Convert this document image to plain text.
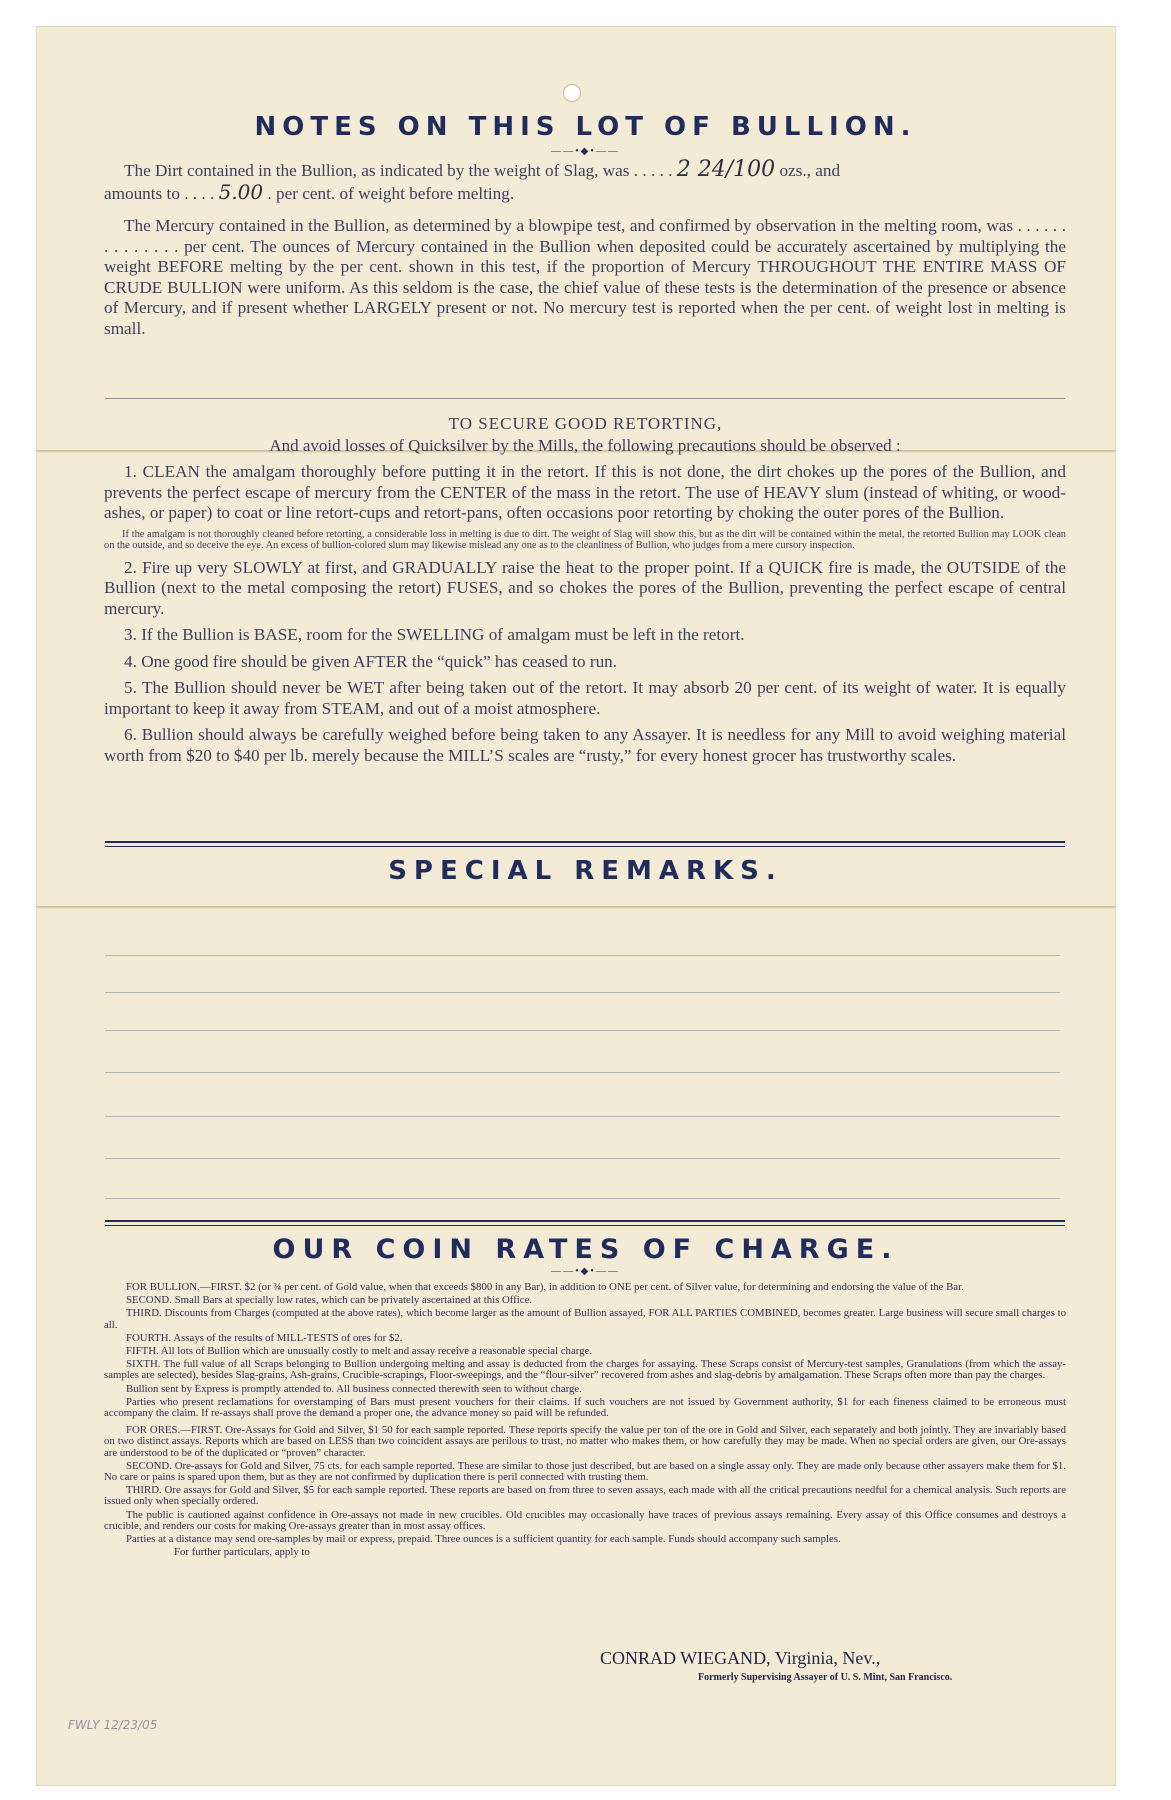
NOTES ON THIS LOT OF BULLION.
——•◆•——
The Dirt contained in the Bullion, as indicated by the weight of Slag, was . . . . . 2 24/100 ozs., and
amounts to . . . . 5.00 . per cent. of weight before melting.

The Mercury contained in the Bullion, as determined by a blowpipe test, and confirmed by observation in the melting room, was . . . . . . . . . . . . . . per cent. The ounces of Mercury contained in the Bullion when deposited could be accurately ascertained by multiplying the weight BEFORE melting by the per cent. shown in this test, if the proportion of Mercury THROUGHOUT THE ENTIRE MASS OF CRUDE BULLION were uniform. As this seldom is the case, the chief value of these tests is the determination of the presence or absence of Mercury, and if present whether LARGELY present or not. No mercury test is reported when the per cent. of weight lost in melting is small.

TO SECURE GOOD RETORTING,
And avoid losses of Quicksilver by the Mills, the following precautions should be observed :

1. CLEAN the amalgam thoroughly before putting it in the retort. If this is not done, the dirt chokes up the pores of the Bullion, and prevents the perfect escape of mercury from the CENTER of the mass in the retort. The use of HEAVY slum (instead of whiting, or wood-ashes, or paper) to coat or line retort-cups and retort-pans, often occasions poor retorting by choking the outer pores of the Bullion.

If the amalgam is not thoroughly cleaned before retorting, a considerable loss in melting is due to dirt. The weight of Slag will show this, but as the dirt will be contained within the metal, the retorted Bullion may LOOK clean on the outside, and so deceive the eye. An excess of bullion-colored slum may likewise mislead any one as to the cleanliness of Bullion, who judges from a mere cursory inspection.

2. Fire up very SLOWLY at first, and GRADUALLY raise the heat to the proper point. If a QUICK fire is made, the OUTSIDE of the Bullion (next to the metal composing the retort) FUSES, and so chokes the pores of the Bullion, preventing the perfect escape of central mercury.

3. If the Bullion is BASE, room for the SWELLING of amalgam must be left in the retort.

4. One good fire should be given AFTER the “quick” has ceased to run.

5. The Bullion should never be WET after being taken out of the retort. It may absorb 20 per cent. of its weight of water. It is equally important to keep it away from STEAM, and out of a moist atmosphere.

6. Bullion should always be carefully weighed before being taken to any Assayer. It is needless for any Mill to avoid weighing material worth from $20 to $40 per lb. merely because the MILL’S scales are “rusty,” for every honest grocer has trustworthy scales.

SPECIAL REMARKS.
OUR COIN RATES OF CHARGE.
——•◆•——

FOR BULLION.—FIRST. $2 (or ¾ per cent. of Gold value, when that exceeds $800 in any Bar), in addition to ONE per cent. of Silver value, for determining and endorsing the value of the Bar.

SECOND. Small Bars at specially low rates, which can be privately ascertained at this Office.

THIRD. Discounts from Charges (computed at the above rates), which become larger as the amount of Bullion assayed, FOR ALL PARTIES COMBINED, becomes greater. Large business will secure small charges to all.

FOURTH. Assays of the results of MILL-TESTS of ores for $2.

FIFTH. All lots of Bullion which are unusually costly to melt and assay receive a reasonable special charge.

SIXTH. The full value of all Scraps belonging to Bullion undergoing melting and assay is deducted from the charges for assaying. These Scraps consist of Mercury-test samples, Granulations (from which the assay-samples are selected), besides Slag-grains, Ash-grains, Crucible-scrapings, Floor-sweepings, and the “flour-silver” recovered from ashes and slag-debris by amalgamation. These Scraps often more than pay the charges.

Bullion sent by Express is promptly attended to. All business connected therewith seen to without charge.

Parties who present reclamations for overstamping of Bars must present vouchers for their claims. If such vouchers are not issued by Government authority, $1 for each fineness claimed to be erroneous must accompany the claim. If re-assays shall prove the demand a proper one, the advance money so paid will be refunded.

FOR ORES.—FIRST. Ore-Assays for Gold and Silver, $1 50 for each sample reported. These reports specify the value per ton of the ore in Gold and Silver, each separately and both jointly. They are invariably based on two distinct assays. Reports which are based on LESS than two coincident assays are perilous to trust, no matter who makes them, or how carefully they may be made. When no special orders are given, our Ore-assays are understood to be of the duplicated or “proven” character.

SECOND. Ore-assays for Gold and Silver, 75 cts. for each sample reported. These are similar to those just described, but are based on a single assay only. They are made only because other assayers make them for $1. No care or pains is spared upon them, but as they are not confirmed by duplication there is peril connected with trusting them.

THIRD. Ore assays for Gold and Silver, $5 for each sample reported. These reports are based on from three to seven assays, each made with all the critical precautions needful for a chemical analysis. Such reports are issued only when specially ordered.

The public is cautioned against confidence in Ore-assays not made in new crucibles. Old crucibles may occasionally have traces of previous assays remaining. Every assay of this Office consumes and destroys a crucible, and renders our costs for making Ore-assays greater than in most assay offices.

Parties at a distance may send ore-samples by mail or express, prepaid. Three ounces is a sufficient quantity for each sample. Funds should accompany such samples.

For further particulars, apply to

CONRAD WIEGAND, Virginia, Nev.,
Formerly Supervising Assayer of U. S. Mint, San Francisco.
FWLY 12/23/05
